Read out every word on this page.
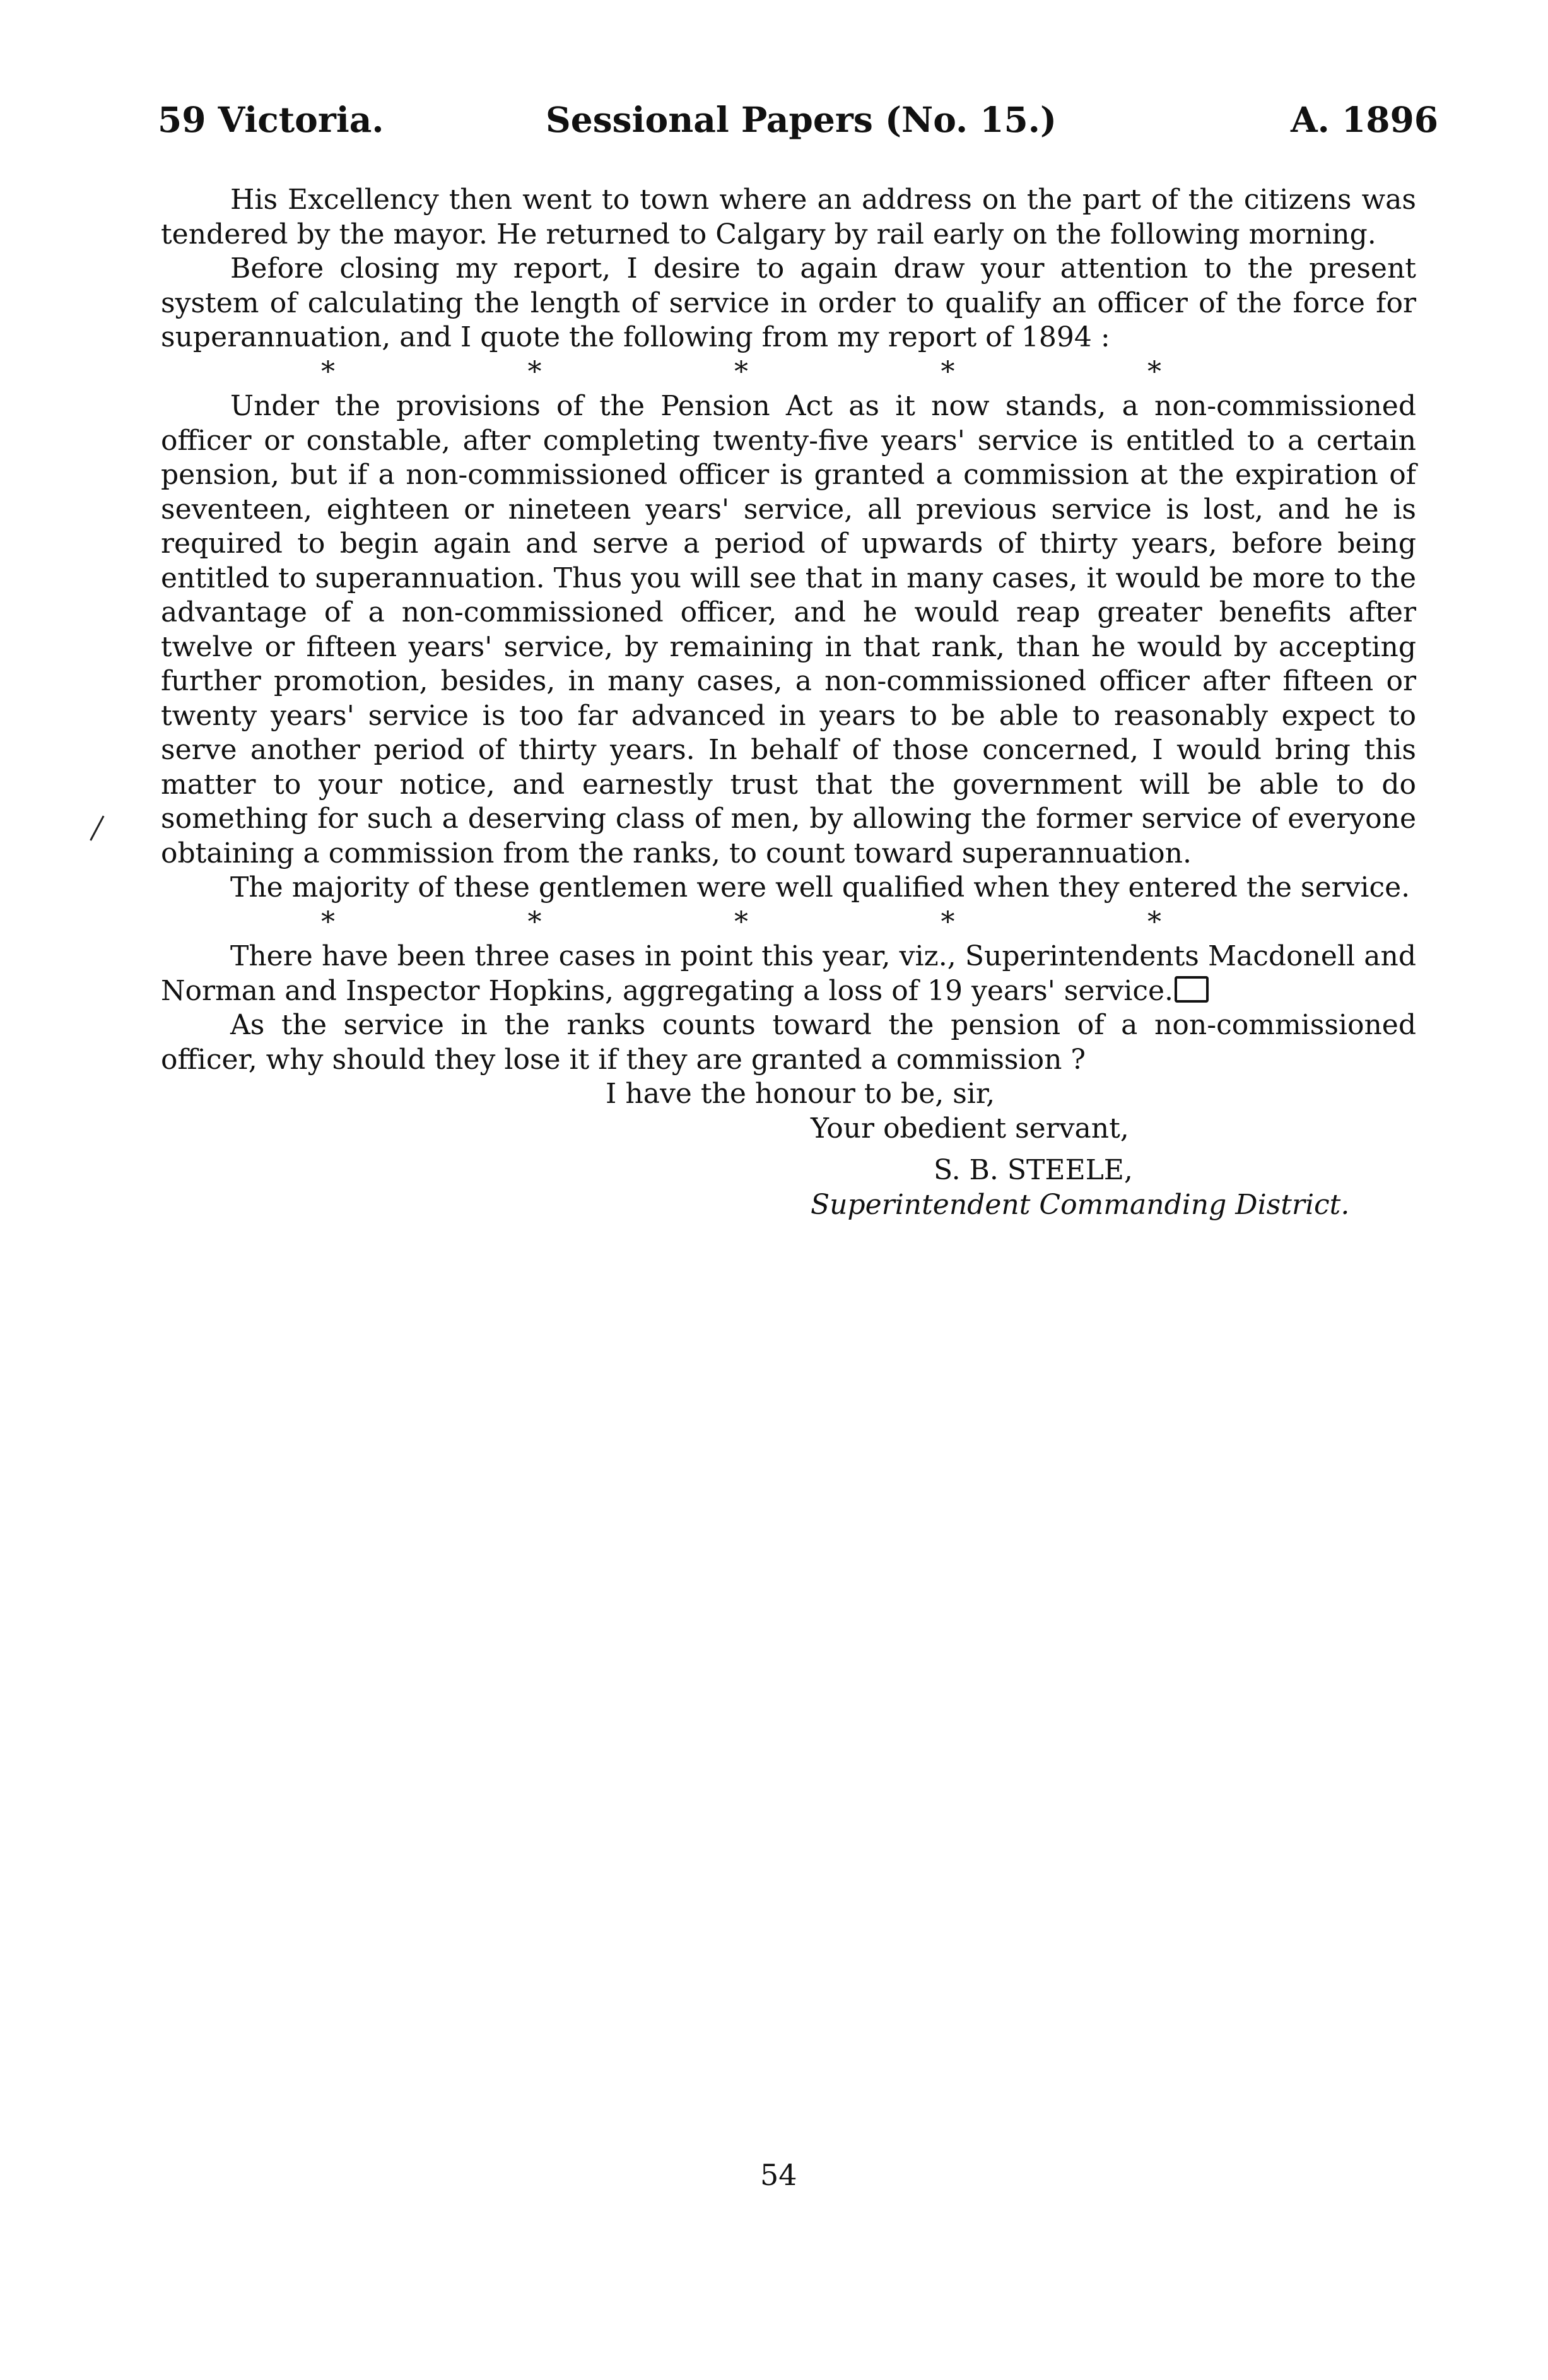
59 Victoria.	Sessional Papers (No. 15.)	A. 1896

His Excellency then went to town where an address on the part of the citizens was tendered by the mayor. He returned to Calgary by rail early on the following morning.

Before closing my report, I desire to again draw your attention to the present system of calculating the length of service in order to qualify an officer of the force for superannuation, and I quote the following from my report of 1894 :

*	*	*	*	*

Under the provisions of the Pension Act as it now stands, a non-commissioned officer or constable, after completing twenty-five years' service is entitled to a certain pension, but if a non-commissioned officer is granted a commission at the expiration of seventeen, eighteen or nineteen years' service, all previous service is lost, and he is required to begin again and serve a period of upwards of thirty years, before being entitled to superannuation. Thus you will see that in many cases, it would be more to the advantage of a non-commissioned officer, and he would reap greater benefits after twelve or fifteen years' service, by remaining in that rank, than he would by accepting further promotion, besides, in many cases, a non-commissioned officer after fifteen or twenty years' service is too far advanced in years to be able to reasonably expect to serve another period of thirty years. In behalf of those concerned, I would bring this matter to your notice, and earnestly trust that the government will be able to do something for such a deserving class of men, by allowing the former service of everyone obtaining a commission from the ranks, to count toward superannuation.

The majority of these gentlemen were well qualified when they entered the service.

*	*	*	*	*

There have been three cases in point this year, viz., Superintendents Macdonell and Norman and Inspector Hopkins, aggregating a loss of 19 years' service.

As the service in the ranks counts toward the pension of a non-commissioned officer, why should they lose it if they are granted a commission ?

I have the honour to be, sir,

Your obedient servant,

S. B. STEELE,

Superintendent Commanding District.

54
